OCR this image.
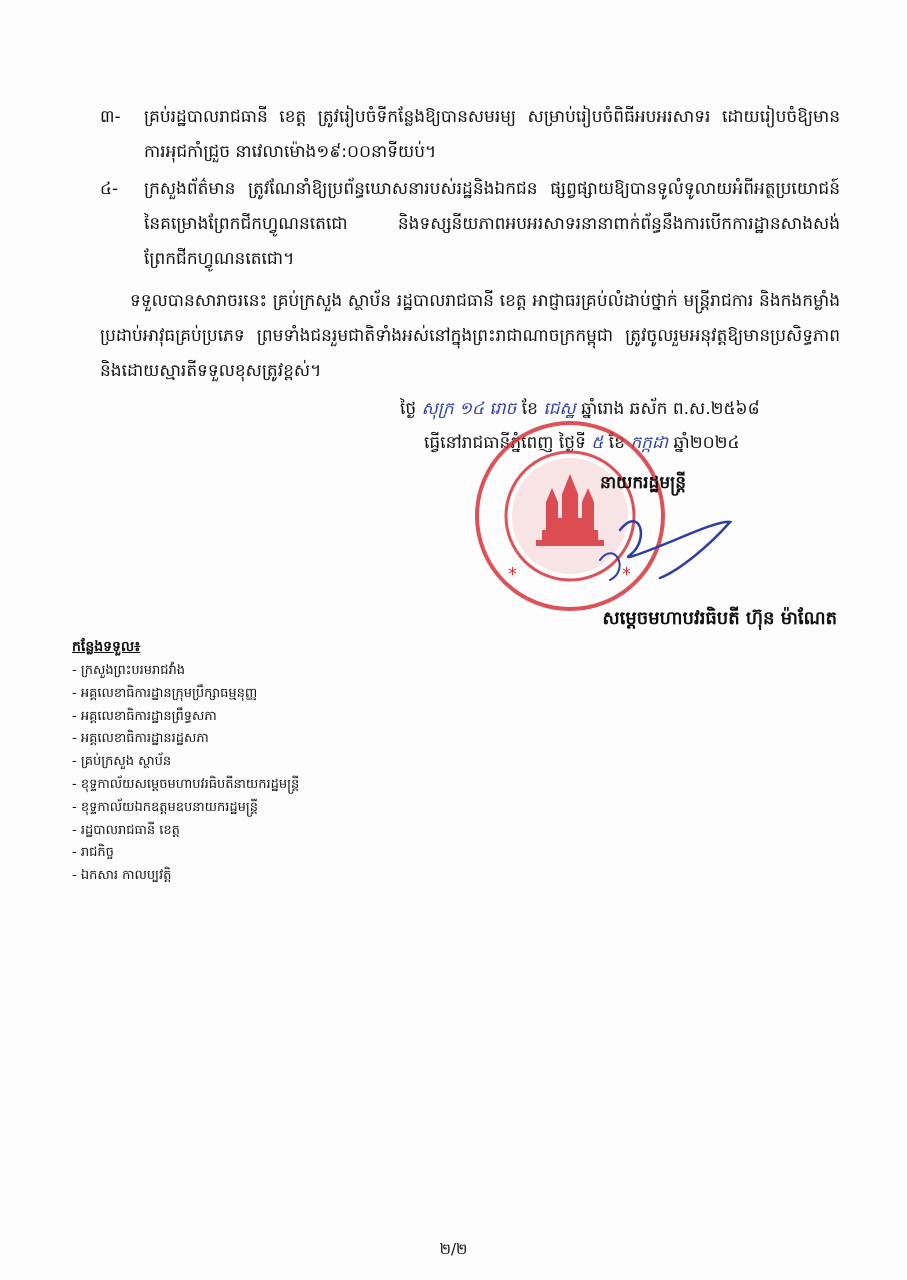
៣-	គ្រប់រដ្ឋបាលរាជធានី ខេត្ត ត្រូវរៀបចំទីកន្លែងឱ្យបានសមរម្យ សម្រាប់រៀបចំពិធីអបអរសាទរ ដោយរៀបចំឱ្យមានការអុជកាំជ្រួច នាវេលាម៉ោង១៩:០០នាទីយប់។
៤-	ក្រសួងព័ត៌មាន ត្រូវណែនាំឱ្យប្រព័ន្ធឃោសនារបស់រដ្ឋនិងឯកជន ផ្សព្វផ្សាយឱ្យបានទូលំទូលាយអំពីអត្ថប្រយោជន៍នៃគម្រោងព្រែកជីកហ្វូណនតេជោ និងទស្សនីយភាពអបអរសាទរនានាពាក់ព័ន្ធនឹងការបើកការដ្ឋានសាងសង់ព្រែកជីកហ្វូណនតេជោ។
ទទួលបានសារាចរនេះ គ្រប់ក្រសួង ស្ថាប័ន រដ្ឋបាលរាជធានី ខេត្ត អាជ្ញាធរគ្រប់លំដាប់ថ្នាក់ មន្ត្រីរាជការ និងកងកម្លាំងប្រដាប់អាវុធគ្រប់ប្រភេទ ព្រមទាំងជនរួមជាតិទាំងអស់នៅក្នុងព្រះរាជាណាចក្រកម្ពុជា ត្រូវចូលរួមអនុវត្តឱ្យមានប្រសិទ្ធភាព និងដោយស្មារតីទទួលខុសត្រូវខ្ពស់។
ថ្ងៃ សុក្រ ១៤ រោច ខែ ជេស្ឋ ឆ្នាំរោង ឆស័ក ព.ស.២៥៦៨
ធ្វើនៅរាជធានីភ្នំពេញ ថ្ងៃទី ៥ ខែ កក្កដា ឆ្នាំ២០២៤
*	*
នាយករដ្ឋមន្ត្រី
សម្តេចមហាបវរធិបតី ហ៊ុន ម៉ាណែត
កន្លែងទទួល៖
- ក្រសួងព្រះបរមរាជវាំង
- អគ្គលេខាធិការដ្ឋានក្រុមប្រឹក្សាធម្មនុញ្ញ
- អគ្គលេខាធិការដ្ឋានព្រឹទ្ធសភា
- អគ្គលេខាធិការដ្ឋានរដ្ឋសភា
- គ្រប់ក្រសួង ស្ថាប័ន
- ខុទ្ទកាល័យសម្តេចមហាបវរធិបតីនាយករដ្ឋមន្ត្រី
- ខុទ្ទកាល័យឯកឧត្តមឧបនាយករដ្ឋមន្ត្រី
- រដ្ឋបាលរាជធានី ខេត្ត
- រាជកិច្ច
- ឯកសារ កាលប្បវត្តិ
២/២
